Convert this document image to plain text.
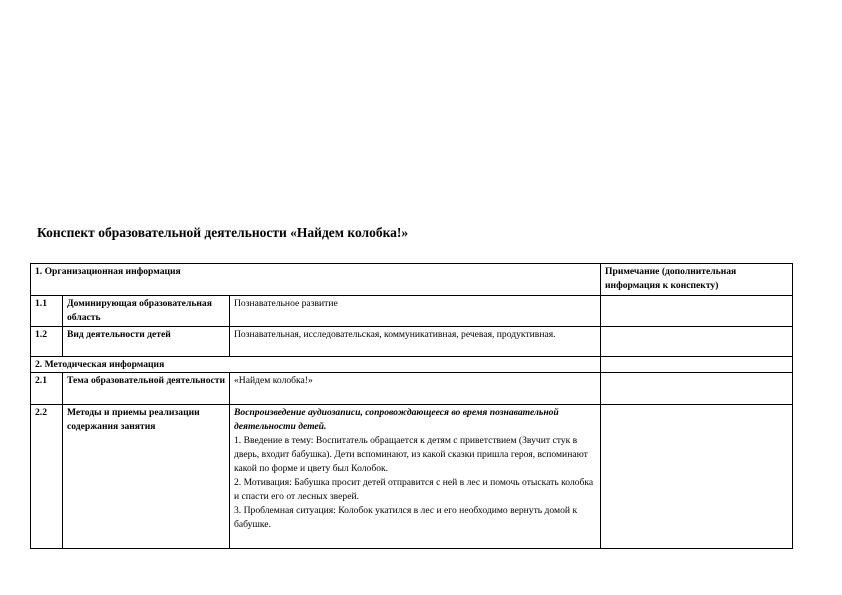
Конспект образовательной деятельности «Найдем колобка!»
1. Организационная информация			Примечание (дополнительная информация к конспекту)
1.1	Доминирующая образовательная область	Познавательное развитие	
1.2	Вид деятельности детей	Познавательная, исследовательская, коммуникативная, речевая, продуктивная.	
2. Методическая информация			
2.1	Тема образовательной деятельности	«Найдем колобка!»	
2.2	Методы и приемы реализации содержания занятия	Воспроизведение аудиозаписи, сопровождающееся во время познавательной деятельности детей.
1. Введение в тему: Воспитатель обращается к детям с приветствием (Звучит стук в дверь, входит бабушка). Дети вспоминают, из какой сказки пришла героя, вспоминают какой по форме и цвету был Колобок.
2. Мотивация: Бабушка просит детей отправится с ней в лес и помочь отыскать колобка и спасти его от лесных зверей.
3. Проблемная ситуация: Колобок укатился в лес и его необходимо вернуть домой к бабушке.	
